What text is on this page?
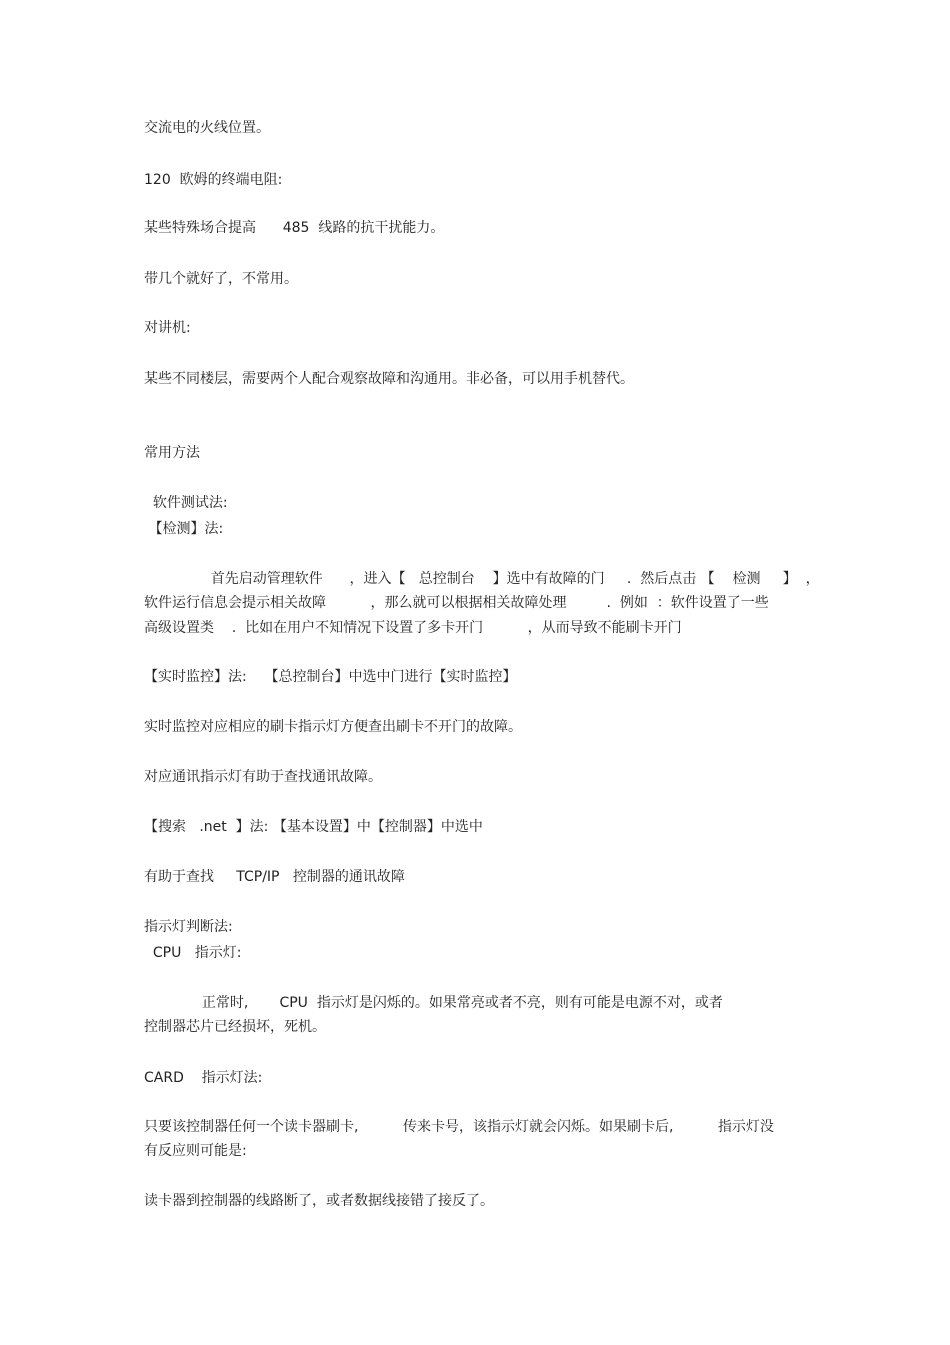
交流电的火线位置。

120  欧姆的终端电阻:

某些特殊场合提高      485  线路的抗干扰能力。

带几个就好了，不常用。

对讲机:

某些不同楼层，需要两个人配合观察故障和沟通用。非必备，可以用手机替代。

常用方法

软件测试法:

【检测】法:

首先启动管理软件      ，进入【   总控制台    】选中有故障的门     .  然后点击 【    检测     】  ，

软件运行信息会提示相关故障          ，那么就可以根据相关故障处理         .  例如  ：软件设置了一些

高级设置类    .  比如在用户不知情况下设置了多卡开门          ，从而导致不能刷卡开门

【实时监控】法:    【总控制台】中选中门进行【实时监控】

实时监控对应相应的刷卡指示灯方便查出刷卡不开门的故障。

对应通讯指示灯有助于查找通讯故障。

【搜索   .net  】法: 【基本设置】中【控制器】中选中

有助于查找     TCP/IP   控制器的通讯故障

指示灯判断法:

CPU   指示灯:

正常时,       CPU  指示灯是闪烁的。如果常亮或者不亮，则有可能是电源不对，或者

控制器芯片已经损坏，死机。

CARD    指示灯法:

只要该控制器任何一个读卡器刷卡,          传来卡号，该指示灯就会闪烁。如果刷卡后,          指示灯没

有反应则可能是:

读卡器到控制器的线路断了，或者数据线接错了接反了。
